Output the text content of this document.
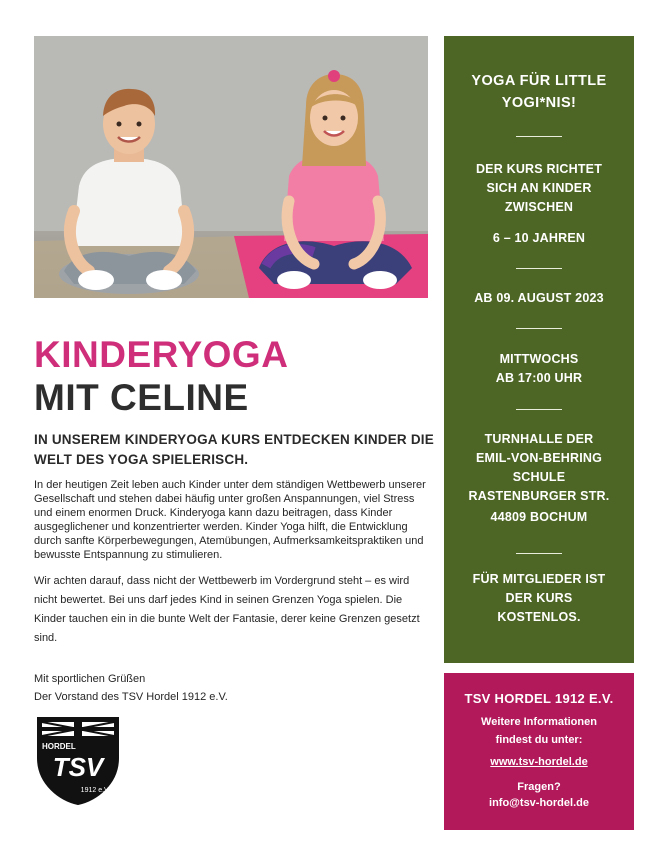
KINDERYOGA
MIT CELINE
IN UNSEREM KINDERYOGA KURS ENTDECKEN KINDER DIE WELT DES YOGA SPIELERISCH.

In der heutigen Zeit leben auch Kinder unter dem ständigen Wettbewerb unserer Gesellschaft und stehen dabei häufig unter großen Anspannungen, viel Stress und einem enormen Druck. Kinderyoga kann dazu beitragen, dass Kinder ausgeglichener und konzentrierter werden. Kinder Yoga hilft, die Entwicklung durch sanfte Körperbewegungen, Atemübungen, Aufmerksamkeitspraktiken und bewusste Entspannung zu stimulieren.

Wir achten darauf, dass nicht der Wettbewerb im Vordergrund steht – es wird nicht bewertet. Bei uns darf jedes Kind in seinen Grenzen Yoga spielen. Die Kinder tauchen ein in die bunte Welt der Fantasie, derer keine Grenzen gesetzt sind.

Mit sportlichen Grüßen
Der Vorstand des TSV Hordel 1912 e.V.
HORDEL
TSV
1912 e.V.
YOGA FÜR LITTLE YOGI*NIS!
DER KURS RICHTET SICH AN KINDER ZWISCHEN
6 – 10 JAHREN
AB 09. AUGUST 2023
MITTWOCHS
AB 17:00 UHR
TURNHALLE DER EMIL-VON-BEHRING SCHULE
RASTENBURGER STR.
44809 BOCHUM
FÜR MITGLIEDER IST DER KURS KOSTENLOS.
TSV HORDEL 1912 E.V.
Weitere Informationen findest du unter:
www.tsv-hordel.de
Fragen?
info@tsv-hordel.de
